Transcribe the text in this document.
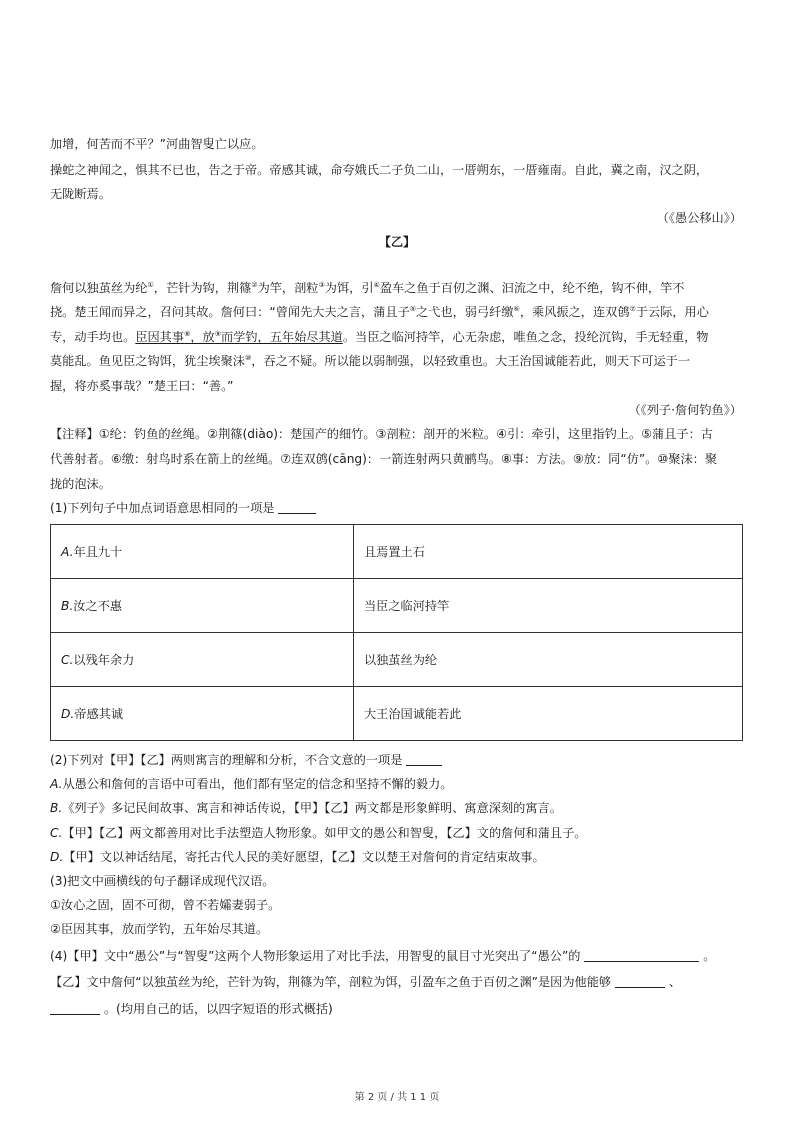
加增，何苦而不平？”河曲智叟亡以应。
操蛇之神闻之，惧其不已也，告之于帝。帝感其诚，命夸娥氏二子负二山，一厝朔东，一厝雍南。自此，冀之南，汉之阴，
无陇断焉。
（《愚公移山》）
【乙】
詹何以独茧丝为纶①，芒针为钩，荆篠②为竿，剖粒③为饵，引④盈车之鱼于百仞之渊、汩流之中，纶不绝，钩不伸，竿不
挠。楚王闻而异之，召问其故。詹何曰：“曾闻先大夫之言，蒲且子⑤之弋也，弱弓纤缴⑥，乘风振之，连双鸧⑦于云际，用心
专，动手均也。臣因其事⑧，放⑨而学钓，五年始尽其道。当臣之临河持竿，心无杂虑，唯鱼之念，投纶沉钩，手无轻重，物
莫能乱。鱼见臣之钩饵，犹尘埃聚沫⑩，吞之不疑。所以能以弱制强，以轻致重也。大王治国诚能若此，则天下可运于一
握，将亦奚事哉？”楚王曰：“善。”
（《列子·詹何钓鱼》）
【注释】①纶：钓鱼的丝绳。②荆篠(diào)：楚国产的细竹。③剖粒：剖开的米粒。④引：牵引，这里指钓上。⑤蒲且子：古
代善射者。⑥缴：射鸟时系在箭上的丝绳。⑦连双鸧(cāng)：一箭连射两只黄鹂鸟。⑧事：方法。⑨放：同“仿”。⑩聚沫：聚
拢的泡沫。
(1)下列句子中加点词语意思相同的一项是
A.年且九十	且焉置土石
B.汝之不惠	当臣之临河持竿
C.以残年余力	以独茧丝为纶
D.帝感其诚	大王治国诚能若此
(2)下列对【甲】【乙】两则寓言的理解和分析，不合文意的一项是
A.从愚公和詹何的言语中可看出，他们都有坚定的信念和坚持不懈的毅力。
B.《列子》多记民间故事、寓言和神话传说，【甲】【乙】两文都是形象鲜明、寓意深刻的寓言。
C.【甲】【乙】两文都善用对比手法塑造人物形象。如甲文的愚公和智叟，【乙】文的詹何和蒲且子。
D.【甲】文以神话结尾，寄托古代人民的美好愿望，【乙】文以楚王对詹何的肯定结束故事。
(3)把文中画横线的句子翻译成现代汉语。
①汝心之固，固不可彻，曾不若孀妻弱子。
②臣因其事，放而学钓，五年始尽其道。
(4)【甲】文中“愚公”与“智叟”这两个人物形象运用了对比手法，用智叟的鼠目寸光突出了“愚公”的	。
【乙】文中詹何“以独茧丝为纶，芒针为钩，荆篠为竿，剖粒为饵，引盈车之鱼于百仞之渊”是因为他能够	、
。(均用自己的话，以四字短语的形式概括)
第 2 页 / 共 1 1 页
